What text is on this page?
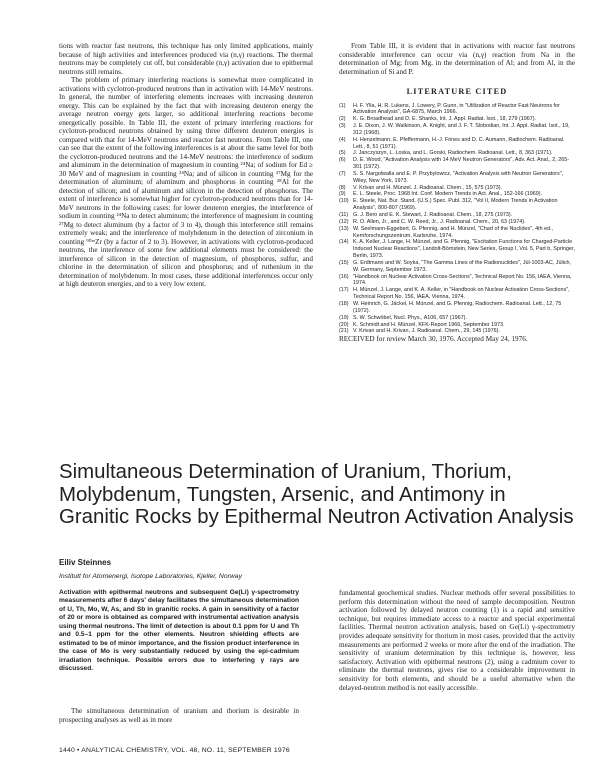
tions with reactor fast neutrons, this technique has only limited applications, mainly because of high activities and interferences produced via (n,γ) reactions. The thermal neutrons may be completely cut off, but considerable (n,γ) activation due to epithermal neutrons still remains.

The problem of primary interfering reactions is somewhat more complicated in activations with cyclotron-produced neutrons than in activation with 14-MeV neutrons. In general, the number of interfering elements increases with increasing deuteron energy. This can be explained by the fact that with increasing deuteron energy the average neutron energy gets larger, so additional interfering reactions become energetically possible. In Table III, the extent of primary interfering reactions for cyclotron-produced neutrons obtained by using three different deuteron energies is compared with that for 14-MeV neutrons and reactor fast neutrons. From Table III, one can see that the extent of the following interferences is at about the same level for both the cyclotron-produced neutrons and the 14-MeV neutrons: the interference of sodium and aluminum in the determination of magnesium in counting ²⁴Na; of sodium for Ed ≥ 30 MeV and of magnesium in counting ²⁴Na; and of silicon in counting ²⁷Mg for the determination of aluminum; of aluminum and phosphorus in counting ²⁸Al for the detection of silicon; and of aluminum and silicon in the detection of phosphorus. The extent of interference is somewhat higher for cyclotron-produced neutrons than for 14-MeV neutrons in the following cases: for lower deuteron energies, the interference of sodium in counting ²⁴Na to detect aluminum; the interference of magnesium in counting ²⁷Mg to detect aluminum (by a factor of 3 to 4), though this interference still remains extremely weak; and the interference of molybdenum in the detection of zirconium in counting ⁹⁰ᵐZr (by a factor of 2 to 3). However, in activations with cyclotron-produced neutrons, the interference of some few additional elements must be considered: the interference of silicon in the detection of magnesium, of phosphorus, sulfur, and chlorine in the determination of silicon and phosphorus; and of ruthenium in the determination of molybdenum. In most cases, these additional interferences occur only at high deuteron energies, and to a very low extent.

From Table III, it is evident that in activations with reactor fast neutrons considerable interference can occur via (n,γ) reaction from Na in the determination of Mg; from Mg, in the determination of Al; and from Al, in the determination of Si and P.

LITERATURE CITED
(1)	H. F. Ylla, H. R. Lukens, J. Lowery, P. Gunn, in "Utilization of Reactor Fast Neutrons for Activation Analysis", GA-6875, March 1966.
(2)	K. G. Broadhead and D. E. Shanks, Int. J. Appl. Radiat. Isot., 18, 279 (1967).
(3)	J. E. Dixon, J. W. Walkinson, A. Knight, and J. F. T. Slobodian, Int. J. Appl. Radiat. Isot., 19, 312 (1968).
(4)	H. Henzelmann, E. Pfeffermann, H.-J. Fönes and D. C. Aumann, Radiochem. Radioanal. Lett., 8, 51 (1971).
(5)	J. Janczyszyn, L. Loska, and L. Gorski, Radiochem. Radioanal. Lett., 8, 363 (1971).
(6)	D. E. Wood, "Activation Analysis with 14 MeV Neutron Generators", Adv. Act. Anal., 2, 265-301 (1972).
(7)	S. S. Nargolwalla and E. P. Przybylowicz, "Activation Analysis with Neutron Generators", Wiley, New York, 1973.
(8)	V. Krivan and H. Münzel, J. Radioanal. Chem., 15, 575 (1973).
(9)	E. L. Steele, Proc. 1968 Int. Conf. Modern Trends in Act. Anal., 152-166 (1969).
(10) E. Steele, Nat. Bur. Stand. (U.S.) Spec. Publ. 312, "Vol II, Modern Trends in Activation Analysis", 800-807 (1969).
(11) G. J. Bero and E. K. Stewart, J. Radioanal. Chem., 18, 275 (1973).
(12) R. O. Allen, Jr., and C. W. Reed, Jr., J. Radioanal. Chem., 20, 63 (1974).
(13) W. Seelmann-Eggebert, G. Pfennig, and H. Münzel, "Chart of the Nuclides", 4th ed., Kernforschungszentrum, Karlsruhe, 1974.
(14) K. A. Keller, J. Lange, H. Münzel, and G. Pfennig, "Excitation Functions for Charged-Particle Induced Nuclear Reactions", Landolt-Börnstein, New Series, Group I, Vol. 5, Part b, Springer, Berlin, 1973.
(15) G. Erdtmann and W. Soyka, "The Gamma Lines of the Radionuclides", Jül-1003-AC, Jülich, W. Germany, September 1973.
(16) "Handbook on Nuclear Activation Cross-Sections", Technical Report No. 156, IAEA, Vienna, 1974.
(17) H. Münzel, J. Lange, and K. A. Keller, in "Handbook on Nuclear Activation Cross-Sections", Technical Report No. 156, IAEA, Vienna, 1974.
(18) W. Heinrich, G. Jäckel, H. Münzel, and G. Pfennig, Radiochem. Radioanal. Lett., 12, 75 (1972).
(19) S. W. Schwöbel, Nucl. Phys., A106, 657 (1967).
(20) K. Schmidt and H. Münzel, KFK-Report 1966, September 1973.
(21) V. Krivan and H. Krivan, J. Radioanal. Chem., 29, 145 (1976).

RECEIVED for review March 30, 1976. Accepted May 24, 1976.

Simultaneous Determination of Uranium, Thorium, Molybdenum, Tungsten, Arsenic, and Antimony in Granitic Rocks by Epithermal Neutron Activation Analysis
Eiliv Steinnes
Institutt for Atomenergi, Isotope Laboratories, Kjeller, Norway

Activation with epithermal neutrons and subsequent Ge(Li) γ-spectrometry measurements after 6 days' delay facilitates the simultaneous determination of U, Th, Mo, W, As, and Sb in granitic rocks. A gain in sensitivity of a factor of 20 or more is obtained as compared with instrumental activation analysis using thermal neutrons. The limit of detection is about 0.1 ppm for U and Th and 0.5–1 ppm for the other elements. Neutron shielding effects are estimated to be of minor importance, and the fission product interference in the case of Mo is very substantially reduced by using the epi-cadmium irradiation technique. Possible errors due to interfering γ rays are discussed.

The simultaneous determination of uranium and thorium is desirable in prospecting analyses as well as in more

fundamental geochemical studies. Nuclear methods offer several possibilities to perform this determination without the need of sample decomposition. Neutron activation followed by delayed neutron counting (1) is a rapid and sensitive technique, but requires immediate access to a reactor and special experimental facilities. Thermal neutron activation analysis, based on Ge(Li) γ-spectrometry provides adequate sensitivity for thorium in most cases, provided that the activity measurements are performed 2 weeks or more after the end of the irradiation. The sensitivity of uranium determination by this technique is, however, less satisfactory. Activation with epithermal neutrons (2), using a cadmium cover to eliminate the thermal neutrons, gives rise to a considerable improvement in sensitivity for both elements, and should be a useful alternative when the delayed-neutron method is not easily accessible.

1440 • ANALYTICAL CHEMISTRY, VOL. 48, NO. 11, SEPTEMBER 1976
